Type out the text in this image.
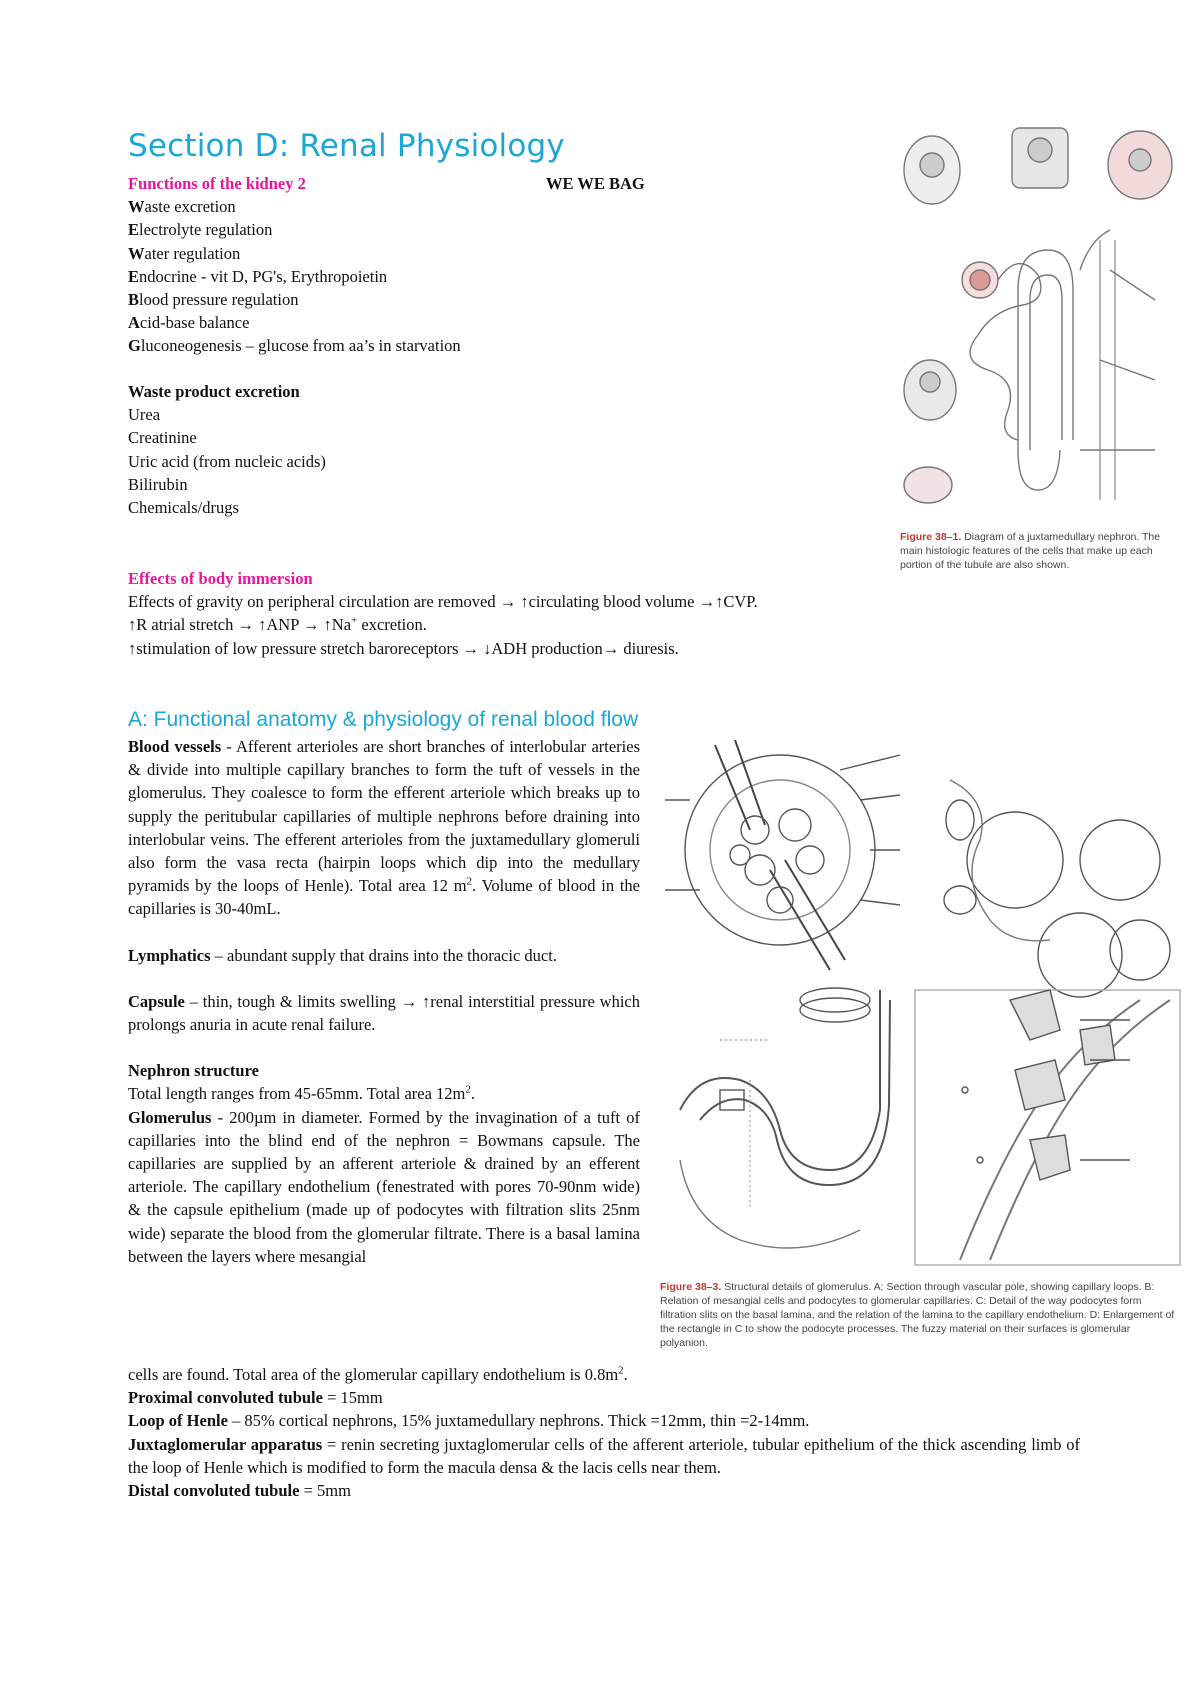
Section D: Renal Physiology
Functions of the kidney 2	WE WE BAG
Waste excretion
Electrolyte regulation
Water regulation
Endocrine - vit D, PG's, Erythropoietin
Blood pressure regulation
Acid-base balance
Gluconeogenesis – glucose from aa’s in starvation
Waste product excretion
Urea
Creatinine
Uric acid (from nucleic acids)
Bilirubin
Chemicals/drugs
Effects of body immersion
Effects of gravity on peripheral circulation are removed → ↑circulating blood volume →↑CVP.
↑R atrial stretch → ↑ANP → ↑Na+ excretion.
↑stimulation of low pressure stretch baroreceptors → ↓ADH production→ diuresis.
A: Functional anatomy & physiology of renal blood flow
Blood vessels - Afferent arterioles are short branches of interlobular arteries & divide into multiple capillary branches to form the tuft of vessels in the glomerulus. They coalesce to form the efferent arteriole which breaks up to supply the peritubular capillaries of multiple nephrons before draining into interlobular veins. The efferent arterioles from the juxtamedullary glomeruli also form the vasa recta (hairpin loops which dip into the medullary pyramids by the loops of Henle). Total area 12 $m^2$. Volume of blood in the capillaries is 30-40mL.
Lymphatics – abundant supply that drains into the thoracic duct.
Capsule – thin, tough & limits swelling → ↑renal interstitial pressure which prolongs anuria in acute renal failure.
Nephron structure
Total length ranges from 45-65mm. Total area $12m^2$.
Glomerulus - 200µm in diameter. Formed by the invagination of a tuft of capillaries into the blind end of the nephron = Bowmans capsule. The capillaries are supplied by an afferent arteriole & drained by an efferent arteriole. The capillary endothelium (fenestrated with pores 70-90nm wide) & the capsule epithelium (made up of podocytes with filtration slits 25nm wide) separate the blood from the glomerular filtrate. There is a basal lamina between the layers where mesangial
cells are found. Total area of the glomerular capillary endothelium is $0.8m^2$.
Proximal convoluted tubule = 15mm
Loop of Henle – 85% cortical nephrons, 15% juxtamedullary nephrons. Thick =12mm, thin =2-14mm.
Juxtaglomerular apparatus = renin secreting juxtaglomerular cells of the afferent arteriole, tubular epithelium of the thick ascending limb of the loop of Henle which is modified to form the macula densa & the lacis cells near them.
Distal convoluted tubule = 5mm
Figure 38–1. Diagram of a juxtamedullary nephron. The main histologic features of the cells that make up each portion of the tubule are also shown.
Figure 38–3. Structural details of glomerulus. A: Section through vascular pole, showing capillary loops. B: Relation of mesangial cells and podocytes to glomerular capillaries. C: Detail of the way podocytes form filtration slits on the basal lamina, and the relation of the lamina to the capillary endothelium. D: Enlargement of the rectangle in C to show the podocyte processes. The fuzzy material on their surfaces is glomerular polyanion.
